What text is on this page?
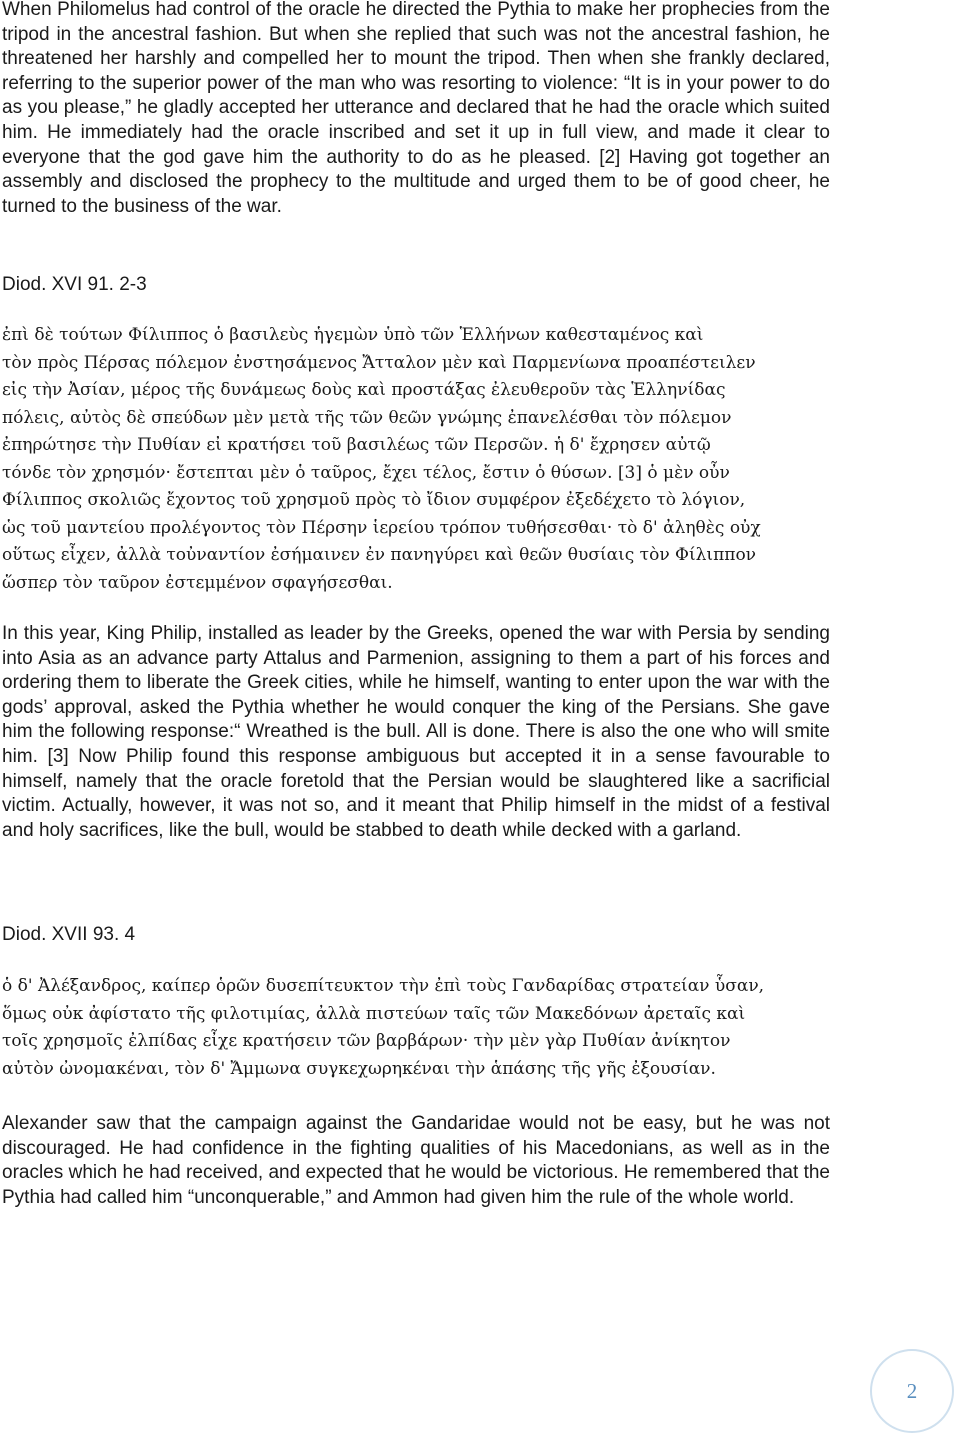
When Philomelus had control of the oracle he directed the Pythia to make her prophecies from the tripod in the ancestral fashion. But when she replied that such was not the ancestral fashion, he threatened her harshly and compelled her to mount the tripod. Then when she frankly declared, referring to the superior power of the man who was resorting to violence: “It is in your power to do as you please,” he gladly accepted her utterance and declared that he had the oracle which suited him. He immediately had the oracle inscribed and set it up in full view, and made it clear to everyone that the god gave him the authority to do as he pleased. [2] Having got together an assembly and disclosed the prophecy to the multitude and urged them to be of good cheer, he turned to the business of the war.

Diod. XVI 91. 2-3

ἐπὶ δὲ τούτων Φίλιππος ὁ βασιλεὺς ἡγεμὼν ὑπὸ τῶν Ἑλλήνων καθεσταμένος καὶ
τὸν πρὸς Πέρσας πόλεμον ἐνστησάμενος Ἄτταλον μὲν καὶ Παρμενίωνα προαπέστειλεν
εἰς τὴν Ἀσίαν, μέρος τῆς δυνάμεως δοὺς καὶ προστάξας ἐλευθεροῦν τὰς Ἑλληνίδας
πόλεις, αὐτὸς δὲ σπεύδων μὲν μετὰ τῆς τῶν θεῶν γνώμης ἐπανελέσθαι τὸν πόλεμον
ἐπηρώτησε τὴν Πυθίαν εἰ κρατήσει τοῦ βασιλέως τῶν Περσῶν. ἡ δ' ἔχρησεν αὐτῷ
τόνδε τὸν χρησμόν· ἔστεπται μὲν ὁ ταῦρος, ἔχει τέλος, ἔστιν ὁ θύσων. [3] ὁ μὲν οὖν
Φίλιππος σκολιῶς ἔχοντος τοῦ χρησμοῦ πρὸς τὸ ἴδιον συμφέρον ἐξεδέχετο τὸ λόγιον,
ὡς τοῦ μαντείου προλέγοντος τὸν Πέρσην ἱερείου τρόπον τυθήσεσθαι· τὸ δ' ἀληθὲς οὐχ
οὕτως εἶχεν, ἀλλὰ τοὐναντίον ἐσήμαινεν ἐν πανηγύρει καὶ θεῶν θυσίαις τὸν Φίλιππον
ὥσπερ τὸν ταῦρον ἐστεμμένον σφαγήσεσθαι.

In this year, King Philip, installed as leader by the Greeks, opened the war with Persia by sending into Asia as an advance party Attalus and Parmenion, assigning to them a part of his forces and ordering them to liberate the Greek cities, while he himself, wanting to enter upon the war with the gods’ approval, asked the Pythia whether he would conquer the king of the Persians. She gave him the following response:“ Wreathed is the bull. All is done. There is also the one who will smite him. [3] Now Philip found this response ambiguous but accepted it in a sense favourable to himself, namely that the oracle foretold that the Persian would be slaughtered like a sacrificial victim. Actually, however, it was not so, and it meant that Philip himself in the midst of a festival and holy sacrifices, like the bull, would be stabbed to death while decked with a garland.

Diod. XVII 93. 4

ὁ δ' Ἀλέξανδρος, καίπερ ὁρῶν δυσεπίτευκτον τὴν ἐπὶ τοὺς Γανδαρίδας στρατείαν ὗσαν,
ὅμως οὐκ ἀφίστατο τῆς φιλοτιμίας, ἀλλὰ πιστεύων ταῖς τῶν Μακεδόνων ἀρεταῖς καὶ
τοῖς χρησμοῖς ἐλπίδας εἶχε κρατήσειν τῶν βαρβάρων· τὴν μὲν γὰρ Πυθίαν ἀνίκητον
αὐτὸν ὠνομακέναι, τὸν δ' Ἄμμωνα συγκεχωρηκέναι τὴν ἁπάσης τῆς γῆς ἐξουσίαν.

Alexander saw that the campaign against the Gandaridae would not be easy, but he was not discouraged. He had confidence in the fighting qualities of his Macedonians, as well as in the oracles which he had received, and expected that he would be victorious. He remembered that the Pythia had called him “unconquerable,” and Ammon had given him the rule of the whole world.

2
